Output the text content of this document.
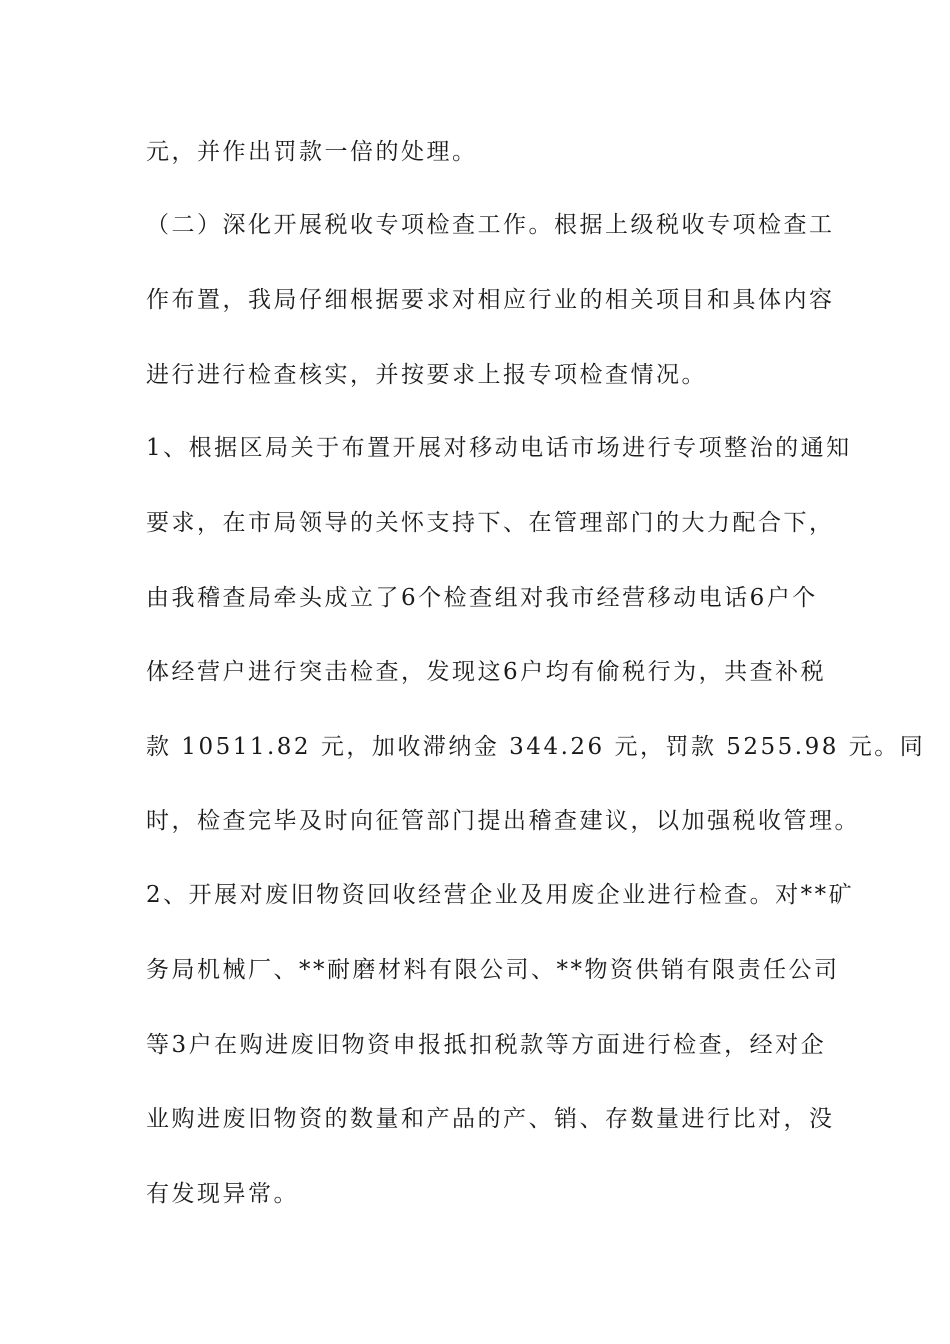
元，并作出罚款一倍的处理。
（二）深化开展税收专项检查工作。根据上级税收专项检查工
作布置，我局仔细根据要求对相应行业的相关项目和具体内容
进行进行检查核实，并按要求上报专项检查情况。
1、根据区局关于布置开展对移动电话市场进行专项整治的通知
要求，在市局领导的关怀支持下、在管理部门的大力配合下，
由我稽查局牵头成立了6个检查组对我市经营移动电话6户个
体经营户进行突击检查，发现这6户均有偷税行为，共查补税
款 10511.82 元，加收滞纳金 344.26 元，罚款 5255.98 元。同
时，检查完毕及时向征管部门提出稽查建议，以加强税收管理。
2、开展对废旧物资回收经营企业及用废企业进行检查。对**矿
务局机械厂、**耐磨材料有限公司、**物资供销有限责任公司
等3户在购进废旧物资申报抵扣税款等方面进行检查，经对企
业购进废旧物资的数量和产品的产、销、存数量进行比对，没
有发现异常。
